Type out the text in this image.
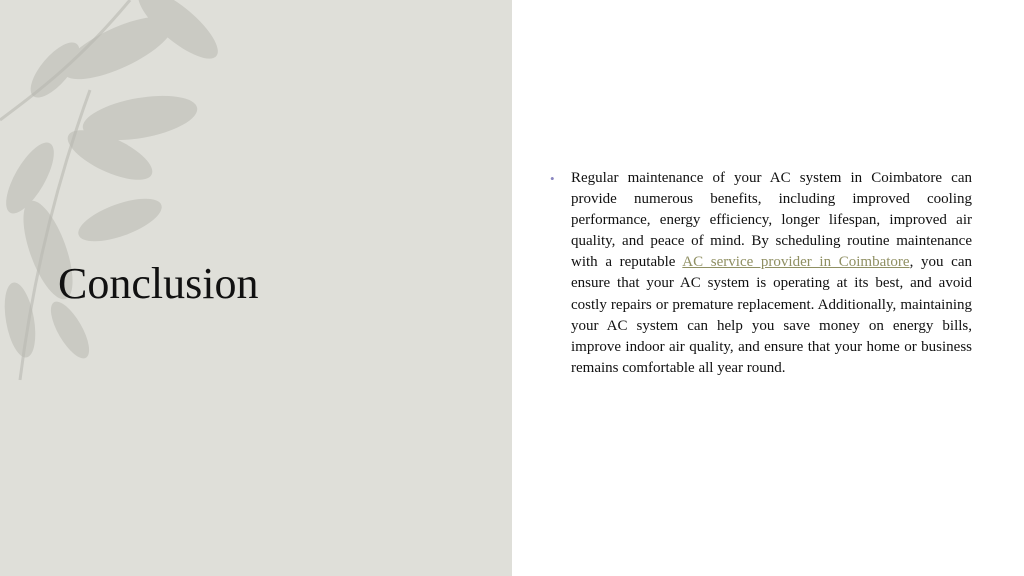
Conclusion
• Regular maintenance of your AC system in Coimbatore can provide numerous benefits, including improved cooling performance, energy efficiency, longer lifespan, improved air quality, and peace of mind. By scheduling routine maintenance with a reputable AC service provider in Coimbatore, you can ensure that your AC system is operating at its best, and avoid costly repairs or premature replacement. Additionally, maintaining your AC system can help you save money on energy bills, improve indoor air quality, and ensure that your home or business remains comfortable all year round.
